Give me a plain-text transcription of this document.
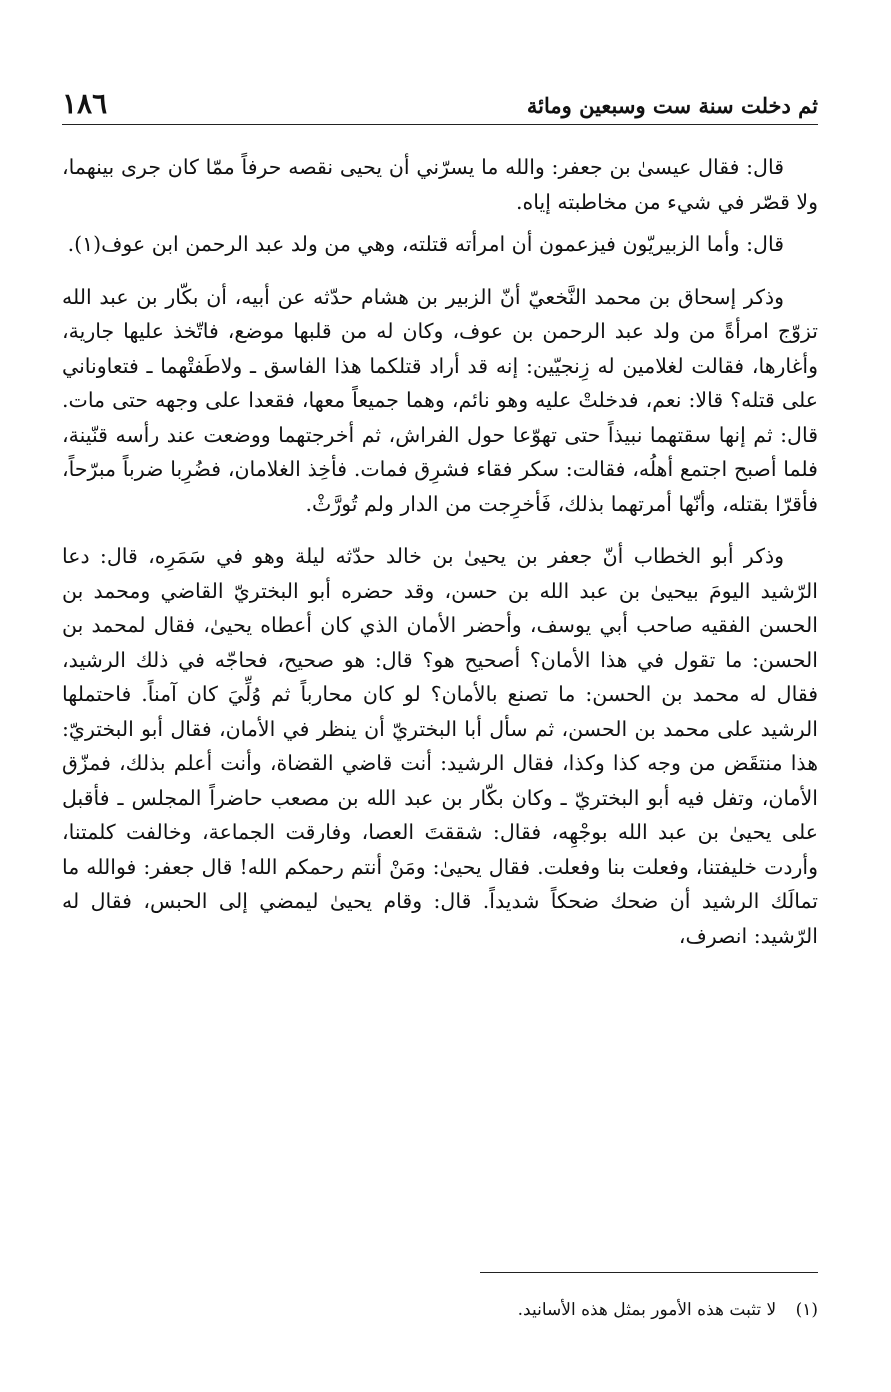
ثم دخلت سنة ست وسبعين ومائة
١٨٦

قال: فقال عيسىٰ بن جعفر: والله ما يسرّني أن يحيى نقصه حرفاً ممّا كان جرى بينهما، ولا قصّر في شيء من مخاطبته إياه.

قال: وأما الزبيريّون فيزعمون أن امرأته قتلته، وهي من ولد عبد الرحمن ابن عوف(١).

وذكر إسحاق بن محمد النَّخعيّ أنّ الزبير بن هشام حدّثه عن أبيه، أن بكّار بن عبد الله تزوّج امرأةً من ولد عبد الرحمن بن عوف، وكان له من قلبها موضع، فاتّخذ عليها جارية، وأغارها، فقالت لغلامين له زِنجيّين: إنه قد أراد قتلكما هذا الفاسق ـ ولاطَفتْهما ـ فتعاوناني على قتله؟ قالا: نعم، فدخلتْ عليه وهو نائم، وهما جميعاً معها، فقعدا على وجهه حتى مات. قال: ثم إنها سقتهما نبيذاً حتى تهوّعا حول الفراش، ثم أخرجتهما ووضعت عند رأسه قنّينة، فلما أصبح اجتمع أهلُه، فقالت: سكر فقاء فشرِق فمات. فأخِذ الغلامان، فضُرِبا ضرباً مبرّحاً، فأقرّا بقتله، وأنّها أمرتهما بذلك، فَأخرِجت من الدار ولم تُورَّثْ.

وذكر أبو الخطاب أنّ جعفر بن يحيىٰ بن خالد حدّثه ليلة وهو في سَمَرِه، قال: دعا الرّشيد اليومَ بيحيىٰ بن عبد الله بن حسن، وقد حضره أبو البختريّ القاضي ومحمد بن الحسن الفقيه صاحب أبي يوسف، وأحضر الأمان الذي كان أعطاه يحيىٰ، فقال لمحمد بن الحسن: ما تقول في هذا الأمان؟ أصحيح هو؟ قال: هو صحيح، فحاجّه في ذلك الرشيد، فقال له محمد بن الحسن: ما تصنع بالأمان؟ لو كان محارباً ثم وُلِّيَ كان آمناً. فاحتملها الرشيد على محمد بن الحسن، ثم سأل أبا البختريّ أن ينظر في الأمان، فقال أبو البختريّ: هذا منتقَض من وجه كذا وكذا، فقال الرشيد: أنت قاضي القضاة، وأنت أعلم بذلك، فمزّق الأمان، وتفل فيه أبو البختريّ ـ وكان بكّار بن عبد الله بن مصعب حاضراً المجلس ـ فأقبل على يحيىٰ بن عبد الله بوجْهِه، فقال: شققتَ العصا، وفارقت الجماعة، وخالفت كلمتنا، وأردت خليفتنا، وفعلت بنا وفعلت. فقال يحيىٰ: ومَنْ أنتم رحمكم الله! قال جعفر: فوالله ما تمالَك الرشيد أن ضحك ضحكاً شديداً. قال: وقام يحيىٰ ليمضي إلى الحبس، فقال له الرّشيد: انصرف،

(١) لا تثبت هذه الأمور بمثل هذه الأسانيد.
